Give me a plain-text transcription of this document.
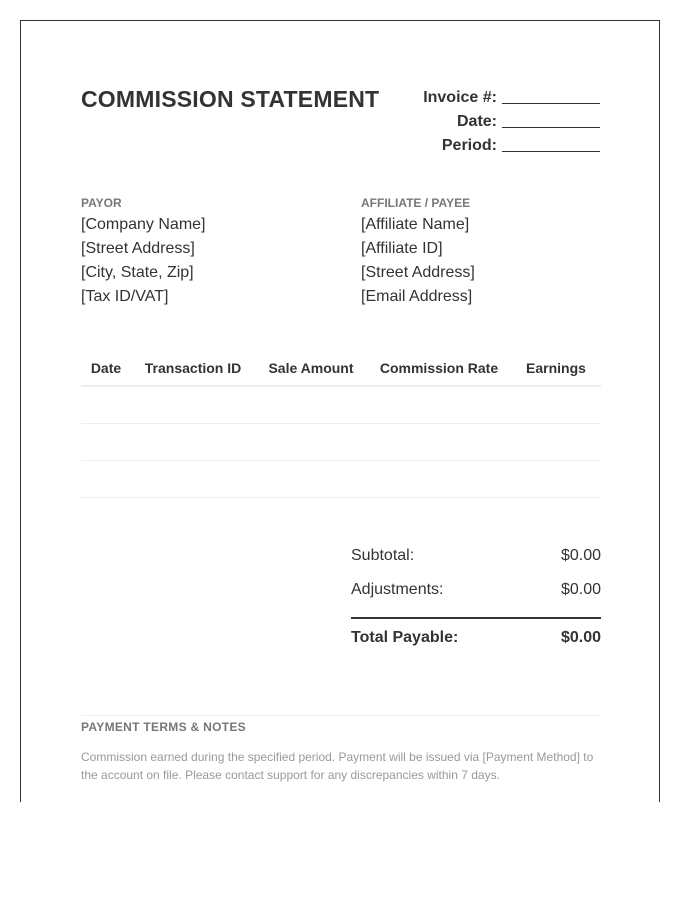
COMMISSION STATEMENT	Invoice #:
Date:
Period:
PAYOR
[Company Name]
[Street Address]
[City, State, Zip]
[Tax ID/VAT]
AFFILIATE / PAYEE
[Affiliate Name]
[Affiliate ID]
[Street Address]
[Email Address]
Date	Transaction ID	Sale Amount	Commission Rate	Earnings
Subtotal:	$0.00
Adjustments:	$0.00
Total Payable:	$0.00
PAYMENT TERMS & NOTES
Commission earned during the specified period. Payment will be issued via [Payment Method] to the account on file. Please contact support for any discrepancies within 7 days.
